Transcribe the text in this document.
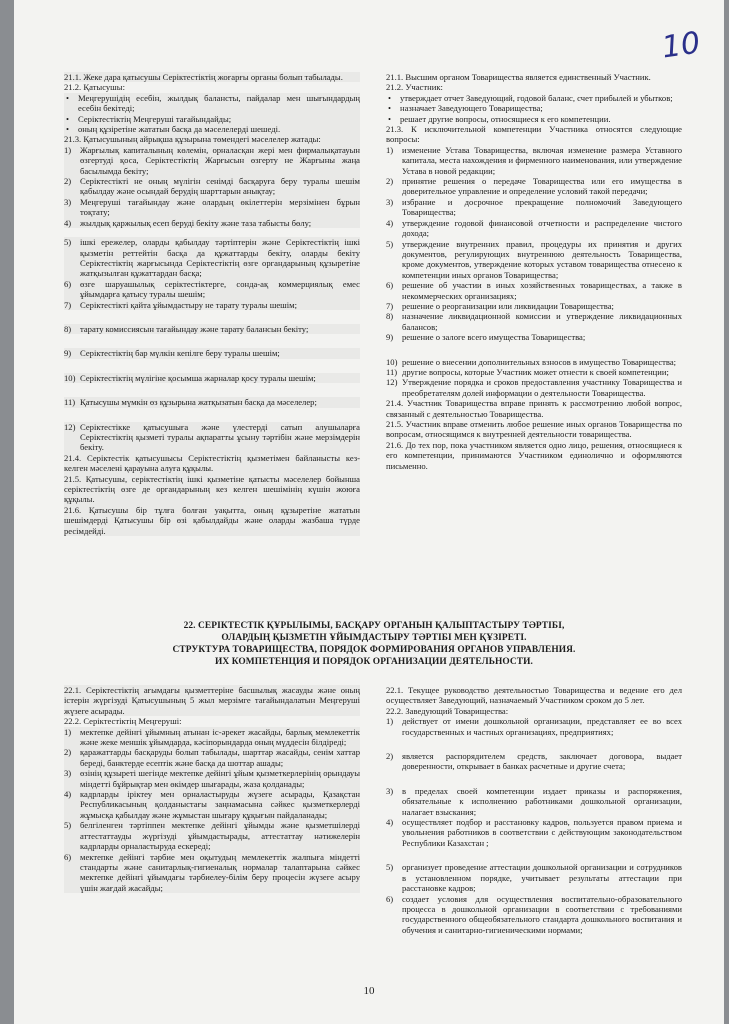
10

21.1. Жеке дара қатысушы Серіктестіктің жоғарғы органы болып табылады.

21.2. Қатысушы:

• Меңгерушідің есебін, жылдық балансты, пайдалар мен шығындардың есебін бекітеді;
• Серіктестіктің Меңгеруші тағайындайды;
• оның құзіретіне жататын басқа да мәселелерді шешеді.

21.3. Қатысушының айрықша құзырына төмендегі мәселелер жатады:

1) Жарғылық капиталының көлемін, орналасқан жері мен фирмалықатауын өзгертуді қоса, Серіктестіктің Жарғысын өзгерту не Жарғыны жаңа басылымда бекіту;
2) Серіктестікті не оның мүлігін сенімді басқаруға беру туралы шешім қабылдау және осындай берудің шарттарын анықтау;
3) Меңгеруші тағайындау және олардың өкілеттерін мерзімінен бұрын тоқтату;
4) жылдық қаржылық есеп беруді бекіту және таза табысты бөлу;
5) ішкі ережелер, оларды қабылдау тәртіптерін және Серіктестіктің ішкі қызметін реттейтін басқа да құжаттарды бекіту, оларды бекіту Серіктестіктің жарғысында Серіктестіктің өзге органдарының құзыретіне жатқызылған құжаттардан басқа;
6) өзге шаруашылық серіктестіктерге, сонда-ақ коммерциялық емес ұйымдарға қатысу туралы шешім;
7) Серіктестікті қайта ұйымдастыру не тарату туралы шешім;
8) тарату комиссиясын тағайындау және тарату балансын бекіту;
9) Серіктестіктің бар мүлкін кепілге беру туралы шешім;
10) Серіктестіктің мүлігіне қосымша жарналар қосу туралы шешім;
11) Қатысушы мүмкін өз құзырына жатқызатын басқа да мәселелер;
12) Серіктестікке қатысушыға және үлестерді сатып алушыларға Серіктестіктің қызметі туралы ақпаратты ұсыну тәртібін және мерзімдерін бекіту.

21.4. Серіктестік қатысушысы Серіктестіктің қызметімен байланысты кез-келген мәселені қарауына алуға құқылы.

21.5. Қатысушы, серіктестіктің ішкі қызметіне қатысты мәселелер бойынша серіктестіктің өзге де органдарының кез келген шешімінің күшін жоюға құқылы.

21.6. Қатысушы бір тұлға болған уақытта, оның құзыретіне жататын шешімдерді Қатысушы бір өзі қабылдайды және оларды жазбаша түрде ресімдейді.

21.1. Высшим органом Товарищества является единственный Участник.

21.2. Участник:

• утверждает отчет Заведующий, годовой баланс, счет прибылей и убытков;
• назначает Заведующего Товарищества;
• решает другие вопросы, относящиеся к его компетенции.

21.3. К исключительной компетенции Участника относятся следующие вопросы:

1) изменение Устава Товарищества, включая изменение размера Уставного капитала, места нахождения и фирменного наименования, или утверждение Устава в новой редакции;
2) принятие решения о передаче Товарищества или его имущества в доверительное управление и определение условий такой передачи;
3) избрание и досрочное прекращение полномочий Заведующего Товарищества;
4) утверждение годовой финансовой отчетности и распределение чистого дохода;
5) утверждение внутренних правил, процедуры их принятия и других документов, регулирующих внутреннюю деятельность Товарищества, кроме документов, утверждение которых уставом товарищества отнесено к компетенции иных органов Товарищества;
6) решение об участии в иных хозяйственных товариществах, а также в некоммерческих организациях;
7) решение о реорганизации или ликвидации Товарищества;
8) назначение ликвидационной комиссии и утверждение ликвидационных балансов;
9) решение о залоге всего имущества Товарищества;
10) решение о внесении дополнительных взносов в имущество Товарищества;
11) другие вопросы, которые Участник может отнести к своей компетенции;
12) Утверждение порядка и сроков предоставления участнику Товарищества и преобретателям долей информации о деятельности Товарищества.

21.4. Участник Товарищества вправе принять к рассмотрению любой вопрос, связанный с деятельностью Товарищества.

21.5. Участник вправе отменить любое решение иных органов Товарищества по вопросам, относящимся к внутренней деятельности товарищества.

21.6. До тех пор, пока участником является одно лицо, решения, относящиеся к его компетенции, принимаются Участником единолично и оформляются письменно.

22. СЕРІКТЕСТІК ҚҰРЫЛЫМЫ, БАСҚАРУ ОРГАНЫН ҚАЛЫПТАСТЫРУ ТӘРТІБІ,
ОЛАРДЫҢ ҚЫЗМЕТІН ҰЙЫМДАСТЫРУ ТӘРТІБІ МЕН ҚҰЗІРЕТІ.
СТРУКТУРА ТОВАРИЩЕСТВА, ПОРЯДОК ФОРМИРОВАНИЯ ОРГАНОВ УПРАВЛЕНИЯ.
ИХ КОМПЕТЕНЦИЯ И ПОРЯДОК ОРГАНИЗАЦИИ ДЕЯТЕЛЬНОСТИ.

22.1. Серіктестіктің ағымдағы қызметтеріне басшылық жасауды және оның істерін жүргізуді Қатысушының 5 жыл мерзімге тағайындалатын Меңгеруші жүзеге асырады.

22.2. Серіктестіктің Меңгеруші:

1) мектепке дейінгі ұйымның атынан іс-әрекет жасайды, барлық мемлекеттік және жеке меншік ұйымдарда, кәсіпорындарда оның мүддесін білдіреді;
2) қаражаттарды басқаруды болып табылады, шарттар жасайды, сенім хаттар береді, банктерде есептік және басқа да шоттар ашады;
3) өзінің құзыреті шегінде мектепке дейінгі ұйым қызметкерлерінің орындауы міндетті бұйрықтар мен өкімдер шығарады, жаза қолданады;
4) кадрларды іріктеу мен орналастыруды жүзеге асырады, Қазақстан Республикасының қолданыстағы заңнамасына сәйкес қызметкерлерді жұмысқа қабылдау және жұмыстан шығару құқығын пайдаланады;
5) белгіленген тәртіппен мектепке дейінгі ұйымды және қызметшілерді аттестаттауды жүргізуді ұйымдастырады, аттестаттау нәтижелерін кадрларды орналастыруда ескереді;
6) мектепке дейінгі тәрбие мен оқытудың мемлекеттік жалпыға міндетті стандарты және санитарлық-гигиеналық нормалар талаптарына сәйкес мектепке дейінгі ұйымдағы тәрбиелеу-білім беру процесін жүзеге асыру үшін жағдай жасайды;

22.1. Текущее руководство деятельностью Товарищества и ведение его дел осуществляет Заведующий, назначаемый Участником сроком до 5 лет.

22.2. Заведующий Товарищества:

1) действует от имени дошкольной организации, представляет ее во всех государственных и частных организациях, предприятиях;
2) является распорядителем средств, заключает договора, выдает доверенности, открывает в банках расчетные и другие счета;
3) в пределах своей компетенции издает приказы и распоряжения, обязательные к исполнению работниками дошкольной организации, налагает взыскания;
4) осуществляет подбор и расстановку кадров, пользуется правом приема и увольнения работников в соответствии с действующим законодательством Республики Казахстан ;
5) организует проведение аттестации дошкольной организации и сотрудников в установленном порядке, учитывает результаты аттестации при расстановке кадров;
6) создает условия для осуществления воспитательно-образовательного процесса в дошкольной организации в соответствии с требованиями государственного общеобязательного стандарта дошкольного воспитания и обучения и санитарно-гигиеническими нормами;
10
